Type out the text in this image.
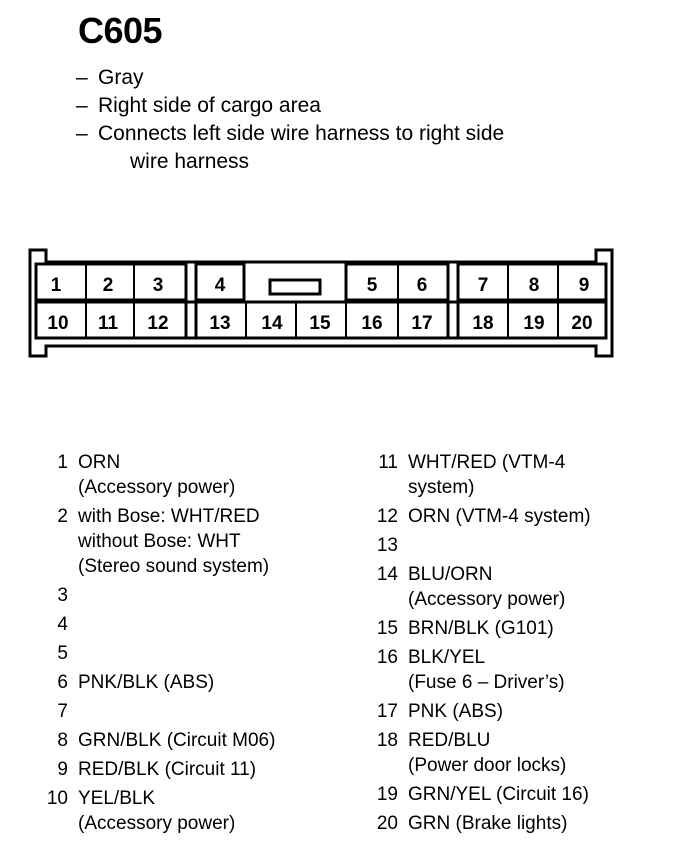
C605
– Gray
– Right side of cargo area
– Connects left side wire harness to right side
wire harness
1 2 3	4	5 6	7 8 9
10 11 12 13 14 15 16 17 18 19 20
1 ORN
(Accessory power)
2 with Bose: WHT/RED
without Bose: WHT
(Stereo sound system)
3
4
5
6 PNK/BLK (ABS)
7
8 GRN/BLK (Circuit M06)
9 RED/BLK (Circuit 11)
10 YEL/BLK
(Accessory power)
11 WHT/RED (VTM-4
system)
12 ORN (VTM-4 system)
13
14 BLU/ORN
(Accessory power)
15 BRN/BLK (G101)
16 BLK/YEL
(Fuse 6 – Driver’s)
17 PNK (ABS)
18 RED/BLU
(Power door locks)
19 GRN/YEL (Circuit 16)
20 GRN (Brake lights)
